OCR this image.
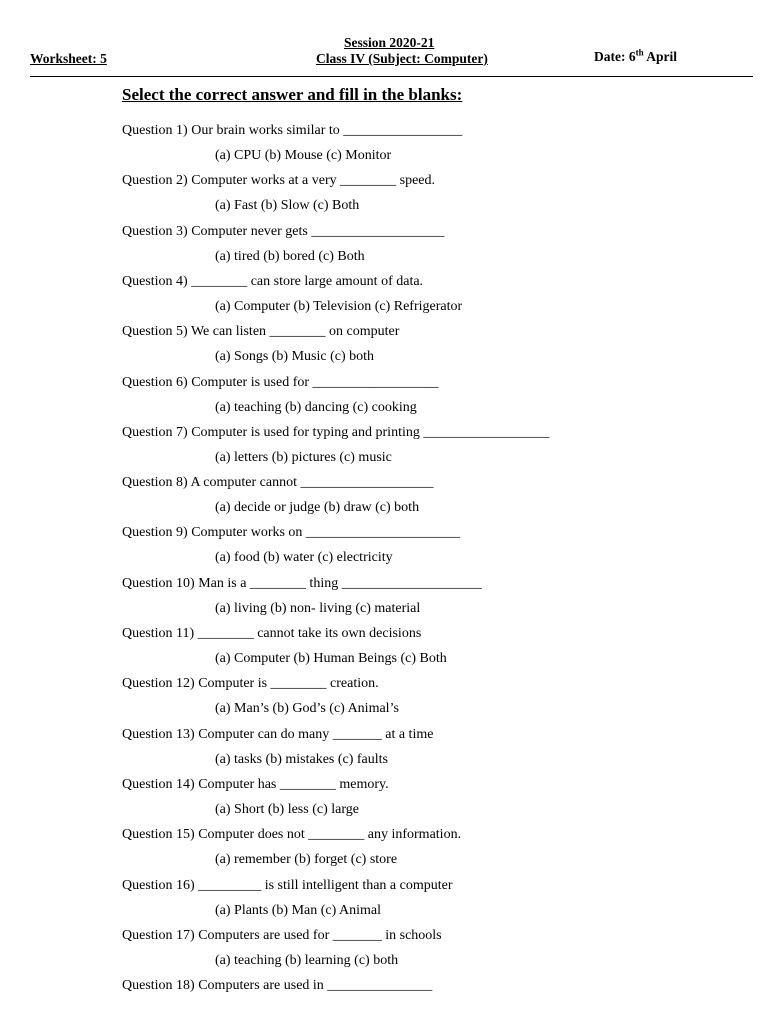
Session 2020-21
Worksheet: 5	Class IV (Subject: Computer)	Date: 6th April
Select the correct answer and fill in the blanks:
Question 1) Our brain works similar to _________________
(a) CPU (b) Mouse (c) Monitor
Question 2) Computer works at a very ________ speed.
(a) Fast (b) Slow (c) Both
Question 3) Computer never gets ___________________
(a) tired (b) bored (c) Both
Question 4) ________ can store large amount of data.
(a) Computer (b) Television (c) Refrigerator
Question 5) We can listen ________ on computer
(a) Songs (b) Music (c) both
Question 6) Computer is used for __________________
(a) teaching (b) dancing (c) cooking
Question 7) Computer is used for typing and printing __________________
(a) letters (b) pictures (c) music
Question 8) A computer cannot ___________________
(a) decide or judge (b) draw (c) both
Question 9) Computer works on ______________________
(a) food (b) water (c) electricity
Question 10) Man is a ________ thing ____________________
(a) living (b) non- living (c) material
Question 11) ________ cannot take its own decisions
(a) Computer (b) Human Beings (c) Both
Question 12) Computer is ________ creation.
(a) Man’s (b) God’s (c) Animal’s
Question 13) Computer can do many _______ at a time
(a) tasks (b) mistakes (c) faults
Question 14) Computer has ________ memory.
(a) Short (b) less (c) large
Question 15) Computer does not ________ any information.
(a) remember (b) forget (c) store
Question 16) _________ is still intelligent than a computer
(a) Plants (b) Man (c) Animal
Question 17) Computers are used for _______ in schools
(a) teaching (b) learning (c) both
Question 18) Computers are used in _______________
